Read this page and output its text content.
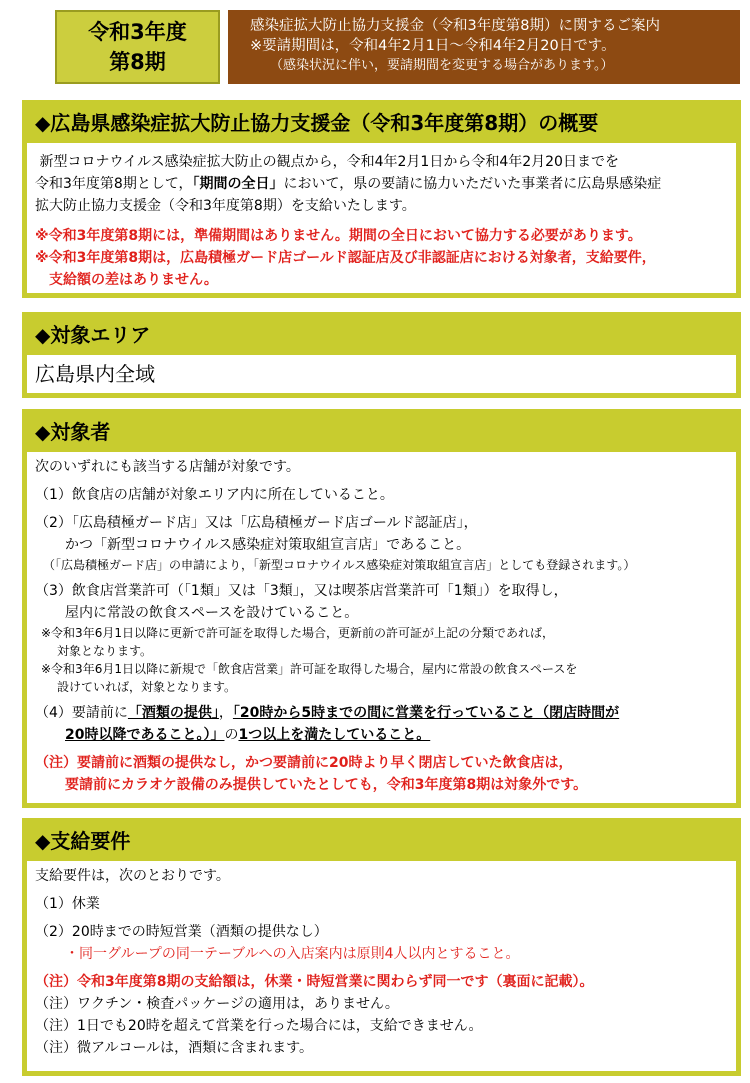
令和3年度
第8期
感染症拡大防止協力支援金（令和3年度第8期）に関するご案内
※要請期間は，令和4年2月1日〜令和4年2月20日です。
（感染状況に伴い，要請期間を変更する場合があります。）
◆広島県感染症拡大防止協力支援金（令和3年度第8期）の概要
新型コロナウイルス感染症拡大防止の観点から，令和4年2月1日から令和4年2月20日までを
令和3年度第8期として，「期間の全日」において，県の要請に協力いただいた事業者に広島県感染症
拡大防止協力支援金（令和3年度第8期）を支給いたします。
※令和3年度第8期には，準備期間はありません。期間の全日において協力する必要があります。
※令和3年度第8期は，広島積極ガード店ゴールド認証店及び非認証店における対象者，支給要件，
支給額の差はありません。
◆対象エリア
広島県内全域
◆対象者
次のいずれにも該当する店舗が対象です。
（1）飲食店の店舗が対象エリア内に所在していること。
（2）「広島積極ガード店」又は「広島積極ガード店ゴールド認証店」，
かつ「新型コロナウイルス感染症対策取組宣言店」であること。
（「広島積極ガード店」の申請により，「新型コロナウイルス感染症対策取組宣言店」としても登録されます。）
（3）飲食店営業許可（「1類」又は「3類」，又は喫茶店営業許可「1類」）を取得し，
屋内に常設の飲食スペースを設けていること。
※令和3年6月1日以降に更新で許可証を取得した場合，更新前の許可証が上記の分類であれば，
対象となります。
※令和3年6月1日以降に新規で「飲食店営業」許可証を取得した場合，屋内に常設の飲食スペースを
設けていれば，対象となります。
（4）要請前に「酒類の提供」，「20時から5時までの間に営業を行っていること（閉店時間が
20時以降であること。）」の1つ以上を満たしていること。
（注）要請前に酒類の提供なし，かつ要請前に20時より早く閉店していた飲食店は，
要請前にカラオケ設備のみ提供していたとしても，令和3年度第8期は対象外です。
◆支給要件
支給要件は，次のとおりです。
（1）休業
（2）20時までの時短営業（酒類の提供なし）
・同一グループの同一テーブルへの入店案内は原則4人以内とすること。
（注）令和3年度第8期の支給額は，休業・時短営業に関わらず同一です（裏面に記載）。
（注）ワクチン・検査パッケージの適用は，ありません。
（注）1日でも20時を超えて営業を行った場合には，支給できません。
（注）微アルコールは，酒類に含まれます。
